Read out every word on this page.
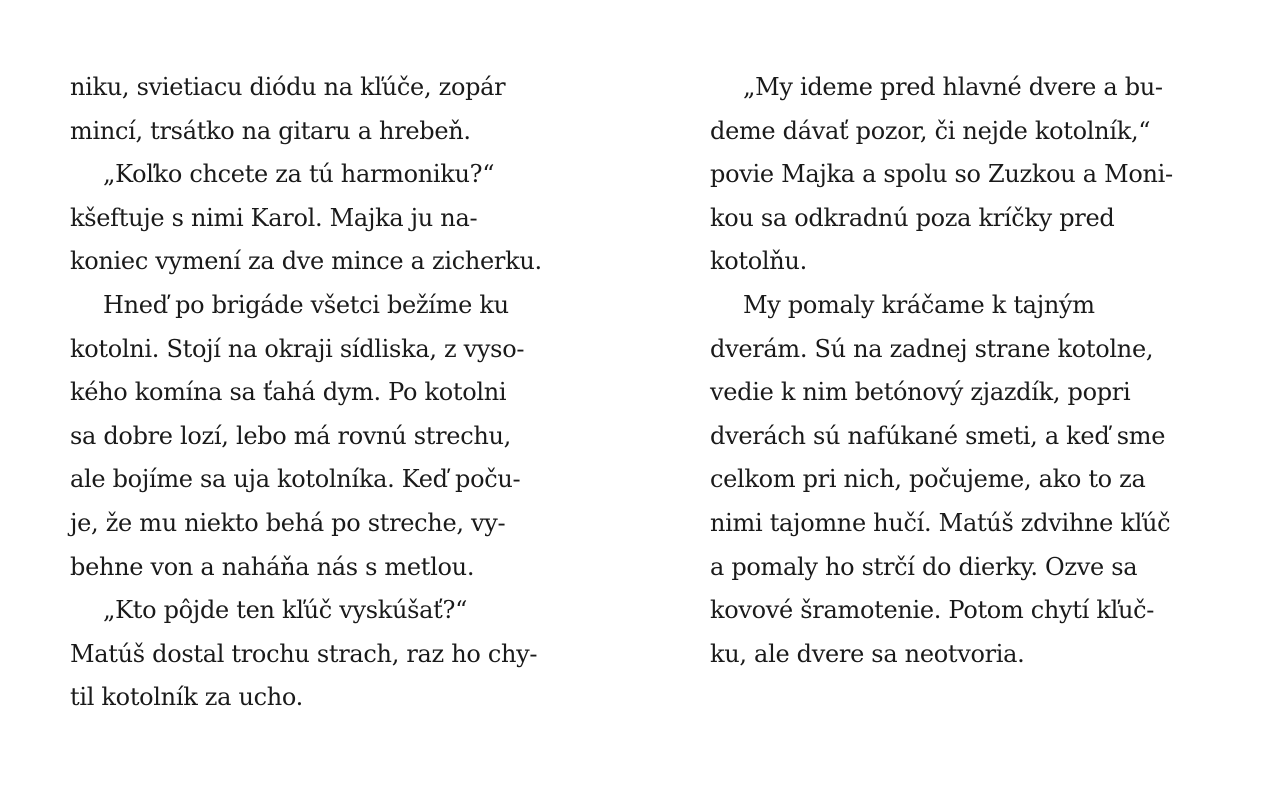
niku, svietiacu diódu na kľúče, zopár
mincí, trsátko na gitaru a hrebeň.
„Koľko chcete za tú harmoniku?“
kšeftuje s nimi Karol. Majka ju na-
koniec vymení za dve mince a zicherku.
Hneď po brigáde všetci bežíme ku
kotolni. Stojí na okraji sídliska, z vyso-
kého komína sa ťahá dym. Po kotolni
sa dobre lozí, lebo má rovnú strechu,
ale bojíme sa uja kotolníka. Keď poču-
je, že mu niekto behá po streche, vy-
behne von a naháňa nás s metlou.
„Kto pôjde ten kľúč vyskúšať?“
Matúš dostal trochu strach, raz ho chy-
til kotolník za ucho.
„My ideme pred hlavné dvere a bu-
deme dávať pozor, či nejde kotolník,“
povie Majka a spolu so Zuzkou a Moni-
kou sa odkradnú poza kríčky pred
kotolňu.
My pomaly kráčame k tajným
dverám. Sú na zadnej strane kotolne,
vedie k nim betónový zjazdík, popri
dverách sú nafúkané smeti, a keď sme
celkom pri nich, počujeme, ako to za
nimi tajomne hučí. Matúš zdvihne kľúč
a pomaly ho strčí do dierky. Ozve sa
kovové šramotenie. Potom chytí kľuč-
ku, ale dvere sa neotvoria.
